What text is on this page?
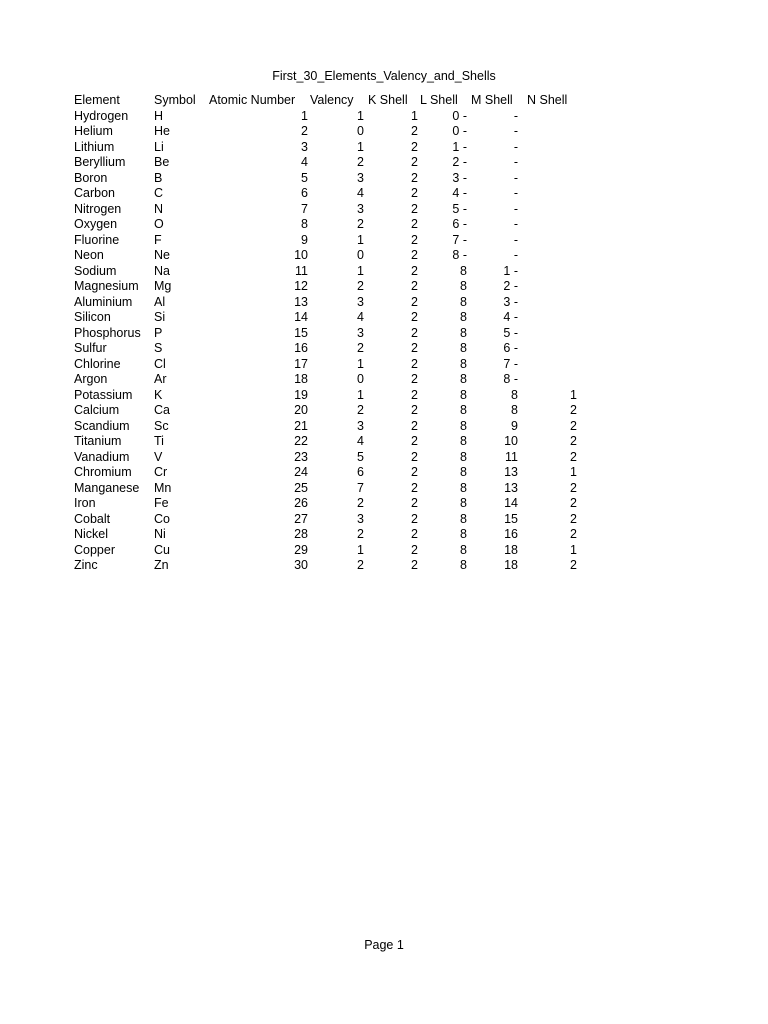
First_30_Elements_Valency_and_Shells
Element	Symbol Atomic Number Valency K Shell L Shell M Shell N Shell
Hydrogen H	1	1	1	0 -	-
Helium	He	2	0	2	0 -	-
Lithium	Li	3	1	2	1 -	-
Beryllium Be	4	2	2	2 -	-
Boron	B	5	3	2	3 -	-
Carbon	C	6	4	2	4 -	-
Nitrogen	N	7	3	2	5 -	-
Oxygen	O	8	2	2	6 -	-
Fluorine	F	9	1	2	7 -	-
Neon	Ne	10	0	2	8 -	-
Sodium	Na	11	1	2	8	1 -
Magnesium Mg	12	2	2	8	2 -
Aluminium Al	13	3	2	8	3 -
Silicon	Si	14	4	2	8	4 -
Phosphorus P	15	3	2	8	5 -
Sulfur	S	16	2	2	8	6 -
Chlorine	Cl	17	1	2	8	7 -
Argon	Ar	18	0	2	8	8 -
Potassium K	19	1	2	8	8	1
Calcium	Ca	20	2	2	8	8	2
Scandium Sc	21	3	2	8	9	2
Titanium	Ti	22	4	2	8	10	2
Vanadium V	23	5	2	8	11	2
Chromium Cr	24	6	2	8	13	1
Manganese Mn	25	7	2	8	13	2
Iron	Fe	26	2	2	8	14	2
Cobalt	Co	27	3	2	8	15	2
Nickel	Ni	28	2	2	8	16	2
Copper	Cu	29	1	2	8	18	1
Zinc	Zn	30	2	2	8	18	2
Page 1
